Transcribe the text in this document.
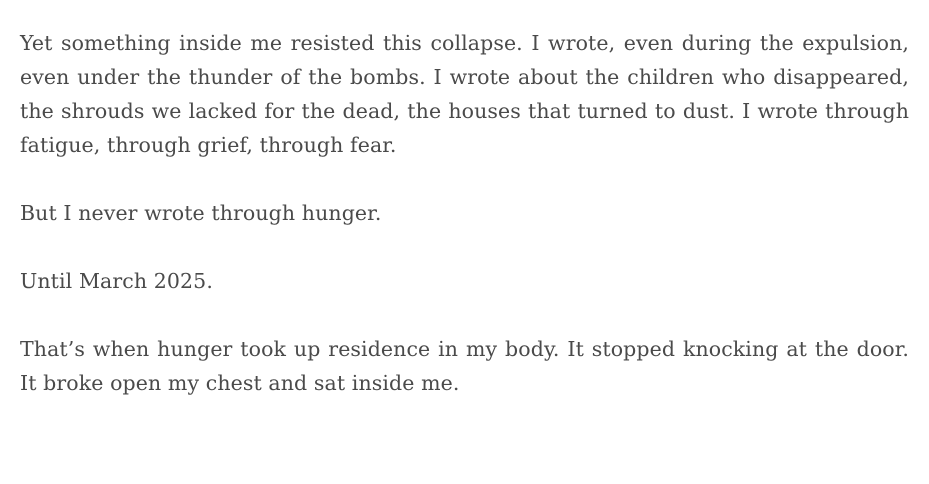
Yet something inside me resisted this collapse. I wrote, even during the expulsion, even under the thunder of the bombs. I wrote about the children who disappeared, the shrouds we lacked for the dead, the houses that turned to dust. I wrote through fatigue, through grief, through fear.

But I never wrote through hunger.

Until March 2025.

That’s when hunger took up residence in my body. It stopped knocking at the door. It broke open my chest and sat inside me.
